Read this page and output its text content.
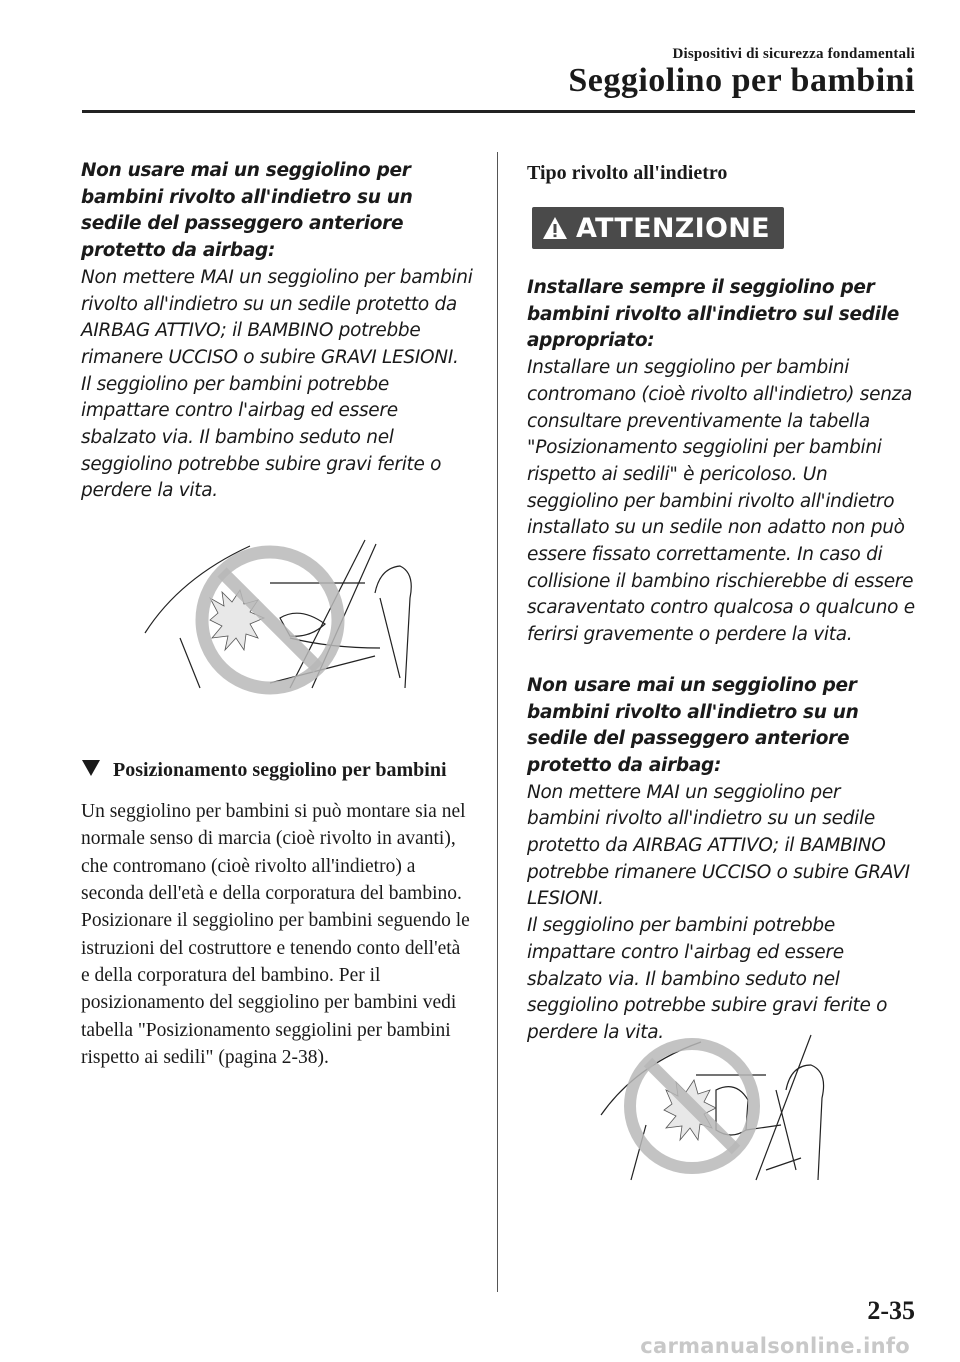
Dispositivi di sicurezza fondamentali
Seggiolino per bambini

Non usare mai un seggiolino per bambini rivolto all'indietro su un sedile del passeggero anteriore protetto da airbag:

Non mettere MAI un seggiolino per bambini rivolto all'indietro su un sedile protetto da AIRBAG ATTIVO; il BAMBINO potrebbe rimanere UCCISO o subire GRAVI LESIONI.
Il seggiolino per bambini potrebbe impattare contro l'airbag ed essere sbalzato via. Il bambino seduto nel seggiolino potrebbe subire gravi ferite o perdere la vita.

Posizionamento seggiolino per bambini

Un seggiolino per bambini si può montare sia nel normale senso di marcia (cioè rivolto in avanti), che contromano (cioè rivolto all'indietro) a seconda dell'età e della corporatura del bambino. Posizionare il seggiolino per bambini seguendo le istruzioni del costruttore e tenendo conto dell'età e della corporatura del bambino. Per il posizionamento del seggiolino per bambini vedi tabella "Posizionamento seggiolini per bambini rispetto ai sedili" (pagina 2-38).

Tipo rivolto all'indietro

ATTENZIONE

Installare sempre il seggiolino per bambini rivolto all'indietro sul sedile appropriato:

Installare un seggiolino per bambini contromano (cioè rivolto all'indietro) senza consultare preventivamente la tabella "Posizionamento seggiolini per bambini rispetto ai sedili" è pericoloso. Un seggiolino per bambini rivolto all'indietro installato su un sedile non adatto non può essere fissato correttamente. In caso di collisione il bambino rischierebbe di essere scaraventato contro qualcosa o qualcuno e ferirsi gravemente o perdere la vita.

Non usare mai un seggiolino per bambini rivolto all'indietro su un sedile del passeggero anteriore protetto da airbag:

Non mettere MAI un seggiolino per bambini rivolto all'indietro su un sedile protetto da AIRBAG ATTIVO; il BAMBINO potrebbe rimanere UCCISO o subire GRAVI LESIONI.
Il seggiolino per bambini potrebbe impattare contro l'airbag ed essere sbalzato via. Il bambino seduto nel seggiolino potrebbe subire gravi ferite o perdere la vita.

2-35
carmanualsonline.info
